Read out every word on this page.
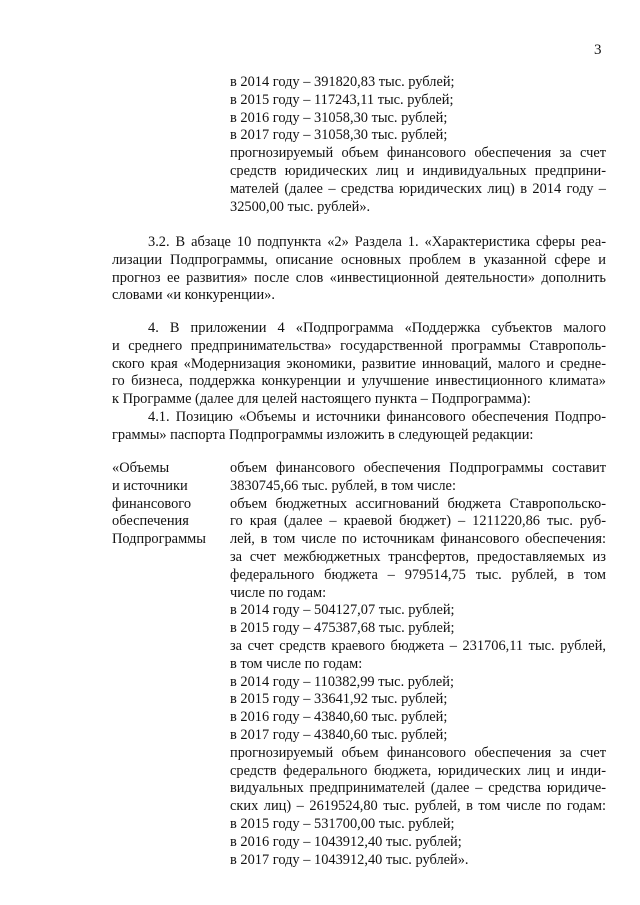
3
в 2014 году – 391820,83 тыс. рублей;
в 2015 году – 117243,11 тыс. рублей;
в 2016 году – 31058,30 тыс. рублей;
в 2017 году – 31058,30 тыс. рублей;
прогнозируемый объем финансового обеспечения за счет
средств юридических лиц и индивидуальных предприни-
мателей (далее – средства юридических лиц) в 2014 году –
32500,00 тыс. рублей».
3.2. В абзаце 10 подпункта «2» Раздела 1. «Характеристика сферы реа-
лизации Подпрограммы, описание основных проблем в указанной сфере и
прогноз ее развития» после слов «инвестиционной деятельности» дополнить
словами «и конкуренции».
4. В приложении 4 «Подпрограмма «Поддержка субъектов малого
и среднего предпринимательства» государственной программы Ставрополь-
ского края «Модернизация экономики, развитие инноваций, малого и средне-
го бизнеса, поддержка конкуренции и улучшение инвестиционного климата»
к Программе (далее для целей настоящего пункта – Подпрограмма):
4.1. Позицию «Объемы и источники финансового обеспечения Подпро-
граммы» паспорта Подпрограммы изложить в следующей редакции:
«Объемы
и источники
финансового
обеспечения
Подпрограммы
объем финансового обеспечения Подпрограммы составит
3830745,66 тыс. рублей, в том числе:
объем бюджетных ассигнований бюджета Ставропольско-
го края (далее – краевой бюджет) – 1211220,86 тыс. руб-
лей, в том числе по источникам финансового обеспечения:
за счет межбюджетных трансфертов, предоставляемых из
федерального бюджета – 979514,75 тыс. рублей, в том
числе по годам:
в 2014 году – 504127,07 тыс. рублей;
в 2015 году – 475387,68 тыс. рублей;
за счет средств краевого бюджета – 231706,11 тыс. рублей,
в том числе по годам:
в 2014 году – 110382,99 тыс. рублей;
в 2015 году – 33641,92 тыс. рублей;
в 2016 году – 43840,60 тыс. рублей;
в 2017 году – 43840,60 тыс. рублей;
прогнозируемый объем финансового обеспечения за счет
средств федерального бюджета, юридических лиц и инди-
видуальных предпринимателей (далее – средства юридиче-
ских лиц) – 2619524,80 тыс. рублей, в том числе по годам:
в 2015 году – 531700,00 тыс. рублей;
в 2016 году – 1043912,40 тыс. рублей;
в 2017 году – 1043912,40 тыс. рублей».
